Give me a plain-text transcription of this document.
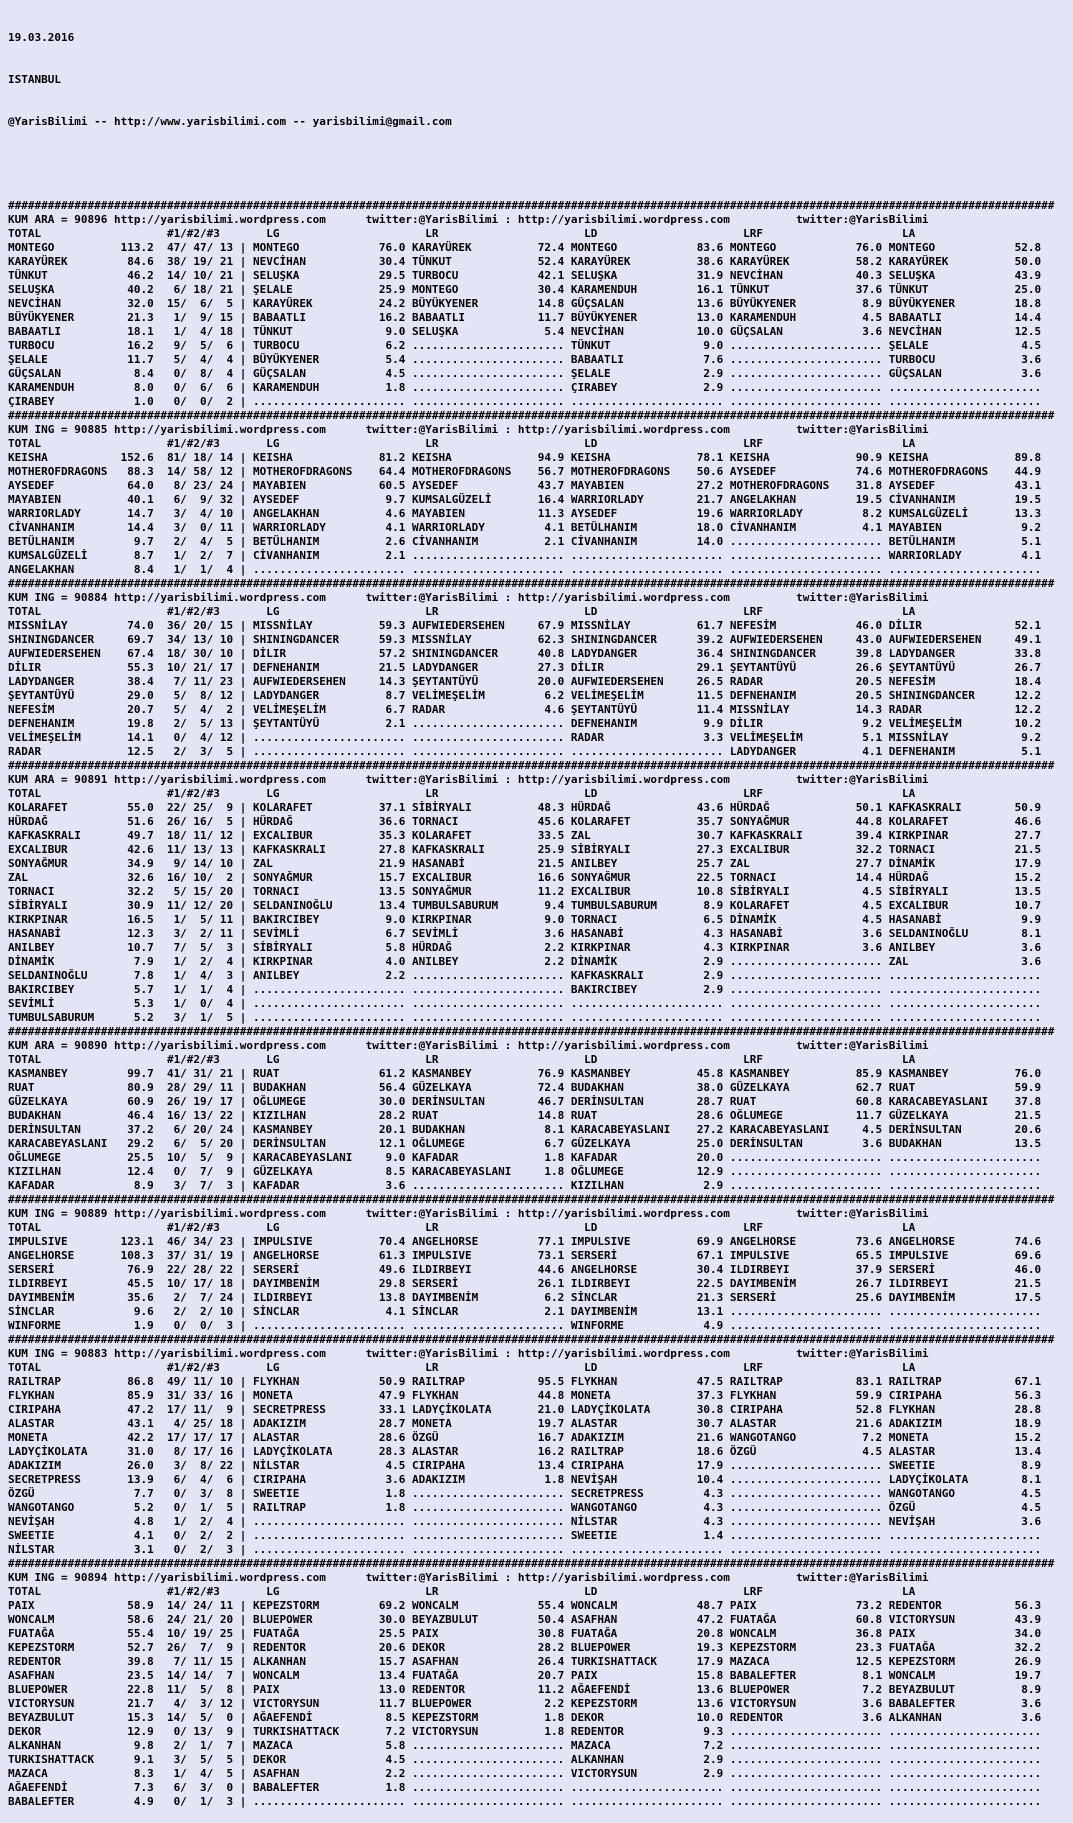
19.03.2016

ISTANBUL

@YarisBilimi -- http://www.yarisbilimi.com -- yarisbilimi@gmail.com

##############################################################################################################################################################
KUM ARA = 90896 http://yarisbilimi.wordpress.com      twitter:@YarisBilimi : http://yarisbilimi.wordpress.com          twitter:@YarisBilimi
TOTAL                   #1/#2/#3       LG                      LR                      LD                      LRF                     LA
MONTEGO          113.2  47/ 47/ 13 | MONTEGO            76.0 KARAYÜREK          72.4 MONTEGO            83.6 MONTEGO            76.0 MONTEGO            52.8
KARAYÜREK         84.6  38/ 19/ 21 | NEVCİHAN           30.4 TÜNKUT             52.4 KARAYÜREK          38.6 KARAYÜREK          58.2 KARAYÜREK          50.0
TÜNKUT            46.2  14/ 10/ 21 | SELUŞKA            29.5 TURBOCU            42.1 SELUŞKA            31.9 NEVCİHAN           40.3 SELUŞKA            43.9
SELUŞKA           40.2   6/ 18/ 21 | ŞELALE             25.9 MONTEGO            30.4 KARAMENDUH         16.1 TÜNKUT             37.6 TÜNKUT             25.0
NEVCİHAN          32.0  15/  6/  5 | KARAYÜREK          24.2 BÜYÜKYENER         14.8 GÜÇSALAN           13.6 BÜYÜKYENER          8.9 BÜYÜKYENER         18.8
BÜYÜKYENER        21.3   1/  9/ 15 | BABAATLI           16.2 BABAATLI           11.7 BÜYÜKYENER         13.0 KARAMENDUH          4.5 BABAATLI           14.4
BABAATLI          18.1   1/  4/ 18 | TÜNKUT              9.0 SELUŞKA             5.4 NEVCİHAN           10.0 GÜÇSALAN            3.6 NEVCİHAN           12.5
TURBOCU           16.2   9/  5/  6 | TURBOCU             6.2 ....................... TÜNKUT              9.0 ....................... ŞELALE              4.5
ŞELALE            11.7   5/  4/  4 | BÜYÜKYENER          5.4 ....................... BABAATLI            7.6 ....................... TURBOCU             3.6
GÜÇSALAN           8.4   0/  8/  4 | GÜÇSALAN            4.5 ....................... ŞELALE              2.9 ....................... GÜÇSALAN            3.6
KARAMENDUH         8.0   0/  6/  6 | KARAMENDUH          1.8 ....................... ÇIRABEY             2.9 ....................... .......................
ÇIRABEY            1.0   0/  0/  2 | ....................... ....................... ....................... ....................... .......................
##############################################################################################################################################################
KUM ING = 90885 http://yarisbilimi.wordpress.com      twitter:@YarisBilimi : http://yarisbilimi.wordpress.com          twitter:@YarisBilimi
TOTAL                   #1/#2/#3       LG                      LR                      LD                      LRF                     LA
KEISHA           152.6  81/ 18/ 14 | KEISHA             81.2 KEISHA             94.9 KEISHA             78.1 KEISHA             90.9 KEISHA             89.8
MOTHEROFDRAGONS   88.3  14/ 58/ 12 | MOTHEROFDRAGONS    64.4 MOTHEROFDRAGONS    56.7 MOTHEROFDRAGONS    50.6 AYSEDEF            74.6 MOTHEROFDRAGONS    44.9
AYSEDEF           64.0   8/ 23/ 24 | MAYABIEN           60.5 AYSEDEF            43.7 MAYABIEN           27.2 MOTHEROFDRAGONS    31.8 AYSEDEF            43.1
MAYABIEN          40.1   6/  9/ 32 | AYSEDEF             9.7 KUMSALGÜZELİ       16.4 WARRIORLADY        21.7 ANGELAKHAN         19.5 CİVANHANIM         19.5
WARRIORLADY       14.7   3/  4/ 10 | ANGELAKHAN          4.6 MAYABIEN           11.3 AYSEDEF            19.6 WARRIORLADY         8.2 KUMSALGÜZELİ       13.3
CİVANHANIM        14.4   3/  0/ 11 | WARRIORLADY         4.1 WARRIORLADY         4.1 BETÜLHANIM         18.0 CİVANHANIM          4.1 MAYABIEN            9.2
BETÜLHANIM         9.7   2/  4/  5 | BETÜLHANIM          2.6 CİVANHANIM          2.1 CİVANHANIM         14.0 ....................... BETÜLHANIM          5.1
KUMSALGÜZELİ       8.7   1/  2/  7 | CİVANHANIM          2.1 ....................... ....................... ....................... WARRIORLADY         4.1
ANGELAKHAN         8.4   1/  1/  4 | ....................... ....................... ....................... ....................... .......................
##############################################################################################################################################################
KUM ING = 90884 http://yarisbilimi.wordpress.com      twitter:@YarisBilimi : http://yarisbilimi.wordpress.com          twitter:@YarisBilimi
TOTAL                   #1/#2/#3       LG                      LR                      LD                      LRF                     LA
MISSNİLAY         74.0  36/ 20/ 15 | MISSNİLAY          59.3 AUFWIEDERSEHEN     67.9 MISSNİLAY          61.7 NEFESİM            46.0 DİLIR              52.1
SHININGDANCER     69.7  34/ 13/ 10 | SHININGDANCER      59.3 MISSNİLAY          62.3 SHININGDANCER      39.2 AUFWIEDERSEHEN     43.0 AUFWIEDERSEHEN     49.1
AUFWIEDERSEHEN    67.4  18/ 30/ 10 | DİLIR              57.2 SHININGDANCER      40.8 LADYDANGER         36.4 SHININGDANCER      39.8 LADYDANGER         33.8
DİLIR             55.3  10/ 21/ 17 | DEFNEHANIM         21.5 LADYDANGER         27.3 DİLIR              29.1 ŞEYTANTÜYÜ         26.6 ŞEYTANTÜYÜ         26.7
LADYDANGER        38.4   7/ 11/ 23 | AUFWIEDERSEHEN     14.3 ŞEYTANTÜYÜ         20.0 AUFWIEDERSEHEN     26.5 RADAR              20.5 NEFESİM            18.4
ŞEYTANTÜYÜ        29.0   5/  8/ 12 | LADYDANGER          8.7 VELİMEŞELİM         6.2 VELİMEŞELİM        11.5 DEFNEHANIM         20.5 SHININGDANCER      12.2
NEFESİM           20.7   5/  4/  2 | VELİMEŞELİM         6.7 RADAR               4.6 ŞEYTANTÜYÜ         11.4 MISSNİLAY          14.3 RADAR              12.2
DEFNEHANIM        19.8   2/  5/ 13 | ŞEYTANTÜYÜ          2.1 ....................... DEFNEHANIM          9.9 DİLIR               9.2 VELİMEŞELİM        10.2
VELİMEŞELİM       14.1   0/  4/ 12 | ....................... ....................... RADAR               3.3 VELİMEŞELİM         5.1 MISSNİLAY           9.2
RADAR             12.5   2/  3/  5 | ....................... ....................... ....................... LADYDANGER          4.1 DEFNEHANIM          5.1
##############################################################################################################################################################
KUM ARA = 90891 http://yarisbilimi.wordpress.com      twitter:@YarisBilimi : http://yarisbilimi.wordpress.com          twitter:@YarisBilimi
TOTAL                   #1/#2/#3       LG                      LR                      LD                      LRF                     LA
KOLARAFET         55.0  22/ 25/  9 | KOLARAFET          37.1 SİBİRYALI          48.3 HÜRDAĞ             43.6 HÜRDAĞ             50.1 KAFKASKRALI        50.9
HÜRDAĞ            51.6  26/ 16/  5 | HÜRDAĞ             36.6 TORNACI            45.6 KOLARAFET          35.7 SONYAĞMUR          44.8 KOLARAFET          46.6
KAFKASKRALI       49.7  18/ 11/ 12 | EXCALIBUR          35.3 KOLARAFET          33.5 ZAL                30.7 KAFKASKRALI        39.4 KIRKPINAR          27.7
EXCALIBUR         42.6  11/ 13/ 13 | KAFKASKRALI        27.8 KAFKASKRALI        25.9 SİBİRYALI          27.3 EXCALIBUR          32.2 TORNACI            21.5
SONYAĞMUR         34.9   9/ 14/ 10 | ZAL                21.9 HASANABİ           21.5 ANILBEY            25.7 ZAL                27.7 DİNAMİK            17.9
ZAL               32.6  16/ 10/  2 | SONYAĞMUR          15.7 EXCALIBUR          16.6 SONYAĞMUR          22.5 TORNACI            14.4 HÜRDAĞ             15.2
TORNACI           32.2   5/ 15/ 20 | TORNACI            13.5 SONYAĞMUR          11.2 EXCALIBUR          10.8 SİBİRYALI           4.5 SİBİRYALI          13.5
SİBİRYALI         30.9  11/ 12/ 20 | SELDANINOĞLU       13.4 TUMBULSABURUM       9.4 TUMBULSABURUM       8.9 KOLARAFET           4.5 EXCALIBUR          10.7
KIRKPINAR         16.5   1/  5/ 11 | BAKIRCIBEY          9.0 KIRKPINAR           9.0 TORNACI             6.5 DİNAMİK             4.5 HASANABİ            9.9
HASANABİ          12.3   3/  2/ 11 | SEVİMLİ             6.7 SEVİMLİ             3.6 HASANABİ            4.3 HASANABİ            3.6 SELDANINOĞLU        8.1
ANILBEY           10.7   7/  5/  3 | SİBİRYALI           5.8 HÜRDAĞ              2.2 KIRKPINAR           4.3 KIRKPINAR           3.6 ANILBEY             3.6
DİNAMİK            7.9   1/  2/  4 | KIRKPINAR           4.0 ANILBEY             2.2 DİNAMİK             2.9 ....................... ZAL                 3.6
SELDANINOĞLU       7.8   1/  4/  3 | ANILBEY             2.2 ....................... KAFKASKRALI         2.9 ....................... .......................
BAKIRCIBEY         5.7   1/  1/  4 | ....................... ....................... BAKIRCIBEY          2.9 ....................... .......................
SEVİMLİ            5.3   1/  0/  4 | ....................... ....................... ....................... ....................... .......................
TUMBULSABURUM      5.2   3/  1/  5 | ....................... ....................... ....................... ....................... .......................
##############################################################################################################################################################
KUM ARA = 90890 http://yarisbilimi.wordpress.com      twitter:@YarisBilimi : http://yarisbilimi.wordpress.com          twitter:@YarisBilimi
TOTAL                   #1/#2/#3       LG                      LR                      LD                      LRF                     LA
KASMANBEY         99.7  41/ 31/ 21 | RUAT               61.2 KASMANBEY          76.9 KASMANBEY          45.8 KASMANBEY          85.9 KASMANBEY          76.0
RUAT              80.9  28/ 29/ 11 | BUDAKHAN           56.4 GÜZELKAYA          72.4 BUDAKHAN           38.0 GÜZELKAYA          62.7 RUAT               59.9
GÜZELKAYA         60.9  26/ 19/ 17 | OĞLUMEGE           30.0 DERİNSULTAN        46.7 DERİNSULTAN        28.7 RUAT               60.8 KARACABEYASLANI    37.8
BUDAKHAN          46.4  16/ 13/ 22 | KIZILHAN           28.2 RUAT               14.8 RUAT               28.6 OĞLUMEGE           11.7 GÜZELKAYA          21.5
DERİNSULTAN       37.2   6/ 20/ 24 | KASMANBEY          20.1 BUDAKHAN            8.1 KARACABEYASLANI    27.2 KARACABEYASLANI     4.5 DERİNSULTAN        20.6
KARACABEYASLANI   29.2   6/  5/ 20 | DERİNSULTAN        12.1 OĞLUMEGE            6.7 GÜZELKAYA          25.0 DERİNSULTAN         3.6 BUDAKHAN           13.5
OĞLUMEGE          25.5  10/  5/  9 | KARACABEYASLANI     9.0 KAFADAR             1.8 KAFADAR            20.0 ....................... .......................
KIZILHAN          12.4   0/  7/  9 | GÜZELKAYA           8.5 KARACABEYASLANI     1.8 OĞLUMEGE           12.9 ....................... .......................
KAFADAR            8.9   3/  7/  3 | KAFADAR             3.6 ....................... KIZILHAN            2.9 ....................... .......................
##############################################################################################################################################################
KUM ING = 90889 http://yarisbilimi.wordpress.com      twitter:@YarisBilimi : http://yarisbilimi.wordpress.com          twitter:@YarisBilimi
TOTAL                   #1/#2/#3       LG                      LR                      LD                      LRF                     LA
IMPULSIVE        123.1  46/ 34/ 23 | IMPULSIVE          70.4 ANGELHORSE         77.1 IMPULSIVE          69.9 ANGELHORSE         73.6 ANGELHORSE         74.6
ANGELHORSE       108.3  37/ 31/ 19 | ANGELHORSE         61.3 IMPULSIVE          73.1 SERSERİ            67.1 IMPULSIVE          65.5 IMPULSIVE          69.6
SERSERİ           76.9  22/ 28/ 22 | SERSERİ            49.6 ILDIRBEYI          44.6 ANGELHORSE         30.4 ILDIRBEYI          37.9 SERSERİ            46.0
ILDIRBEYI         45.5  10/ 17/ 18 | DAYIMBENİM         29.8 SERSERİ            26.1 ILDIRBEYI          22.5 DAYIMBENİM         26.7 ILDIRBEYI          21.5
DAYIMBENİM        35.6   2/  7/ 24 | ILDIRBEYI          13.8 DAYIMBENİM          6.2 SİNCLAR            21.3 SERSERİ            25.6 DAYIMBENİM         17.5
SİNCLAR            9.6   2/  2/ 10 | SİNCLAR             4.1 SİNCLAR             2.1 DAYIMBENİM         13.1 ....................... .......................
WINFORME           1.9   0/  0/  3 | ....................... ....................... WINFORME            4.9 ....................... .......................
##############################################################################################################################################################
KUM ING = 90883 http://yarisbilimi.wordpress.com      twitter:@YarisBilimi : http://yarisbilimi.wordpress.com          twitter:@YarisBilimi
TOTAL                   #1/#2/#3       LG                      LR                      LD                      LRF                     LA
RAILTRAP          86.8  49/ 11/ 10 | FLYKHAN            50.9 RAILTRAP           95.5 FLYKHAN            47.5 RAILTRAP           83.1 RAILTRAP           67.1
FLYKHAN           85.9  31/ 33/ 16 | MONETA             47.9 FLYKHAN            44.8 MONETA             37.3 FLYKHAN            59.9 CIRIPAHA           56.3
CIRIPAHA          47.2  17/ 11/  9 | SECRETPRESS        33.1 LADYÇİKOLATA       21.0 LADYÇİKOLATA       30.8 CIRIPAHA           52.8 FLYKHAN            28.8
ALASTAR           43.1   4/ 25/ 18 | ADAKIZIM           28.7 MONETA             19.7 ALASTAR            30.7 ALASTAR            21.6 ADAKIZIM           18.9
MONETA            42.2  17/ 17/ 17 | ALASTAR            28.6 ÖZGÜ               16.7 ADAKIZIM           21.6 WANGOTANGO          7.2 MONETA             15.2
LADYÇİKOLATA      31.0   8/ 17/ 16 | LADYÇİKOLATA       28.3 ALASTAR            16.2 RAILTRAP           18.6 ÖZGÜ                4.5 ALASTAR            13.4
ADAKIZIM          26.0   3/  8/ 22 | NİLSTAR             4.5 CIRIPAHA           13.4 CIRIPAHA           17.9 ....................... SWEETIE             8.9
SECRETPRESS       13.9   6/  4/  6 | CIRIPAHA            3.6 ADAKIZIM            1.8 NEVİŞAH            10.4 ....................... LADYÇİKOLATA        8.1
ÖZGÜ               7.7   0/  3/  8 | SWEETIE             1.8 ....................... SECRETPRESS         4.3 ....................... WANGOTANGO          4.5
WANGOTANGO         5.2   0/  1/  5 | RAILTRAP            1.8 ....................... WANGOTANGO          4.3 ....................... ÖZGÜ                4.5
NEVİŞAH            4.8   1/  2/  4 | ....................... ....................... NİLSTAR             4.3 ....................... NEVİŞAH             3.6
SWEETIE            4.1   0/  2/  2 | ....................... ....................... SWEETIE             1.4 ....................... .......................
NİLSTAR            3.1   0/  2/  3 | ....................... ....................... ....................... ....................... .......................
##############################################################################################################################################################
KUM ING = 90894 http://yarisbilimi.wordpress.com      twitter:@YarisBilimi : http://yarisbilimi.wordpress.com          twitter:@YarisBilimi
TOTAL                   #1/#2/#3       LG                      LR                      LD                      LRF                     LA
PAIX              58.9  14/ 24/ 11 | KEPEZSTORM         69.2 WONCALM            55.4 WONCALM            48.7 PAIX               73.2 REDENTOR           56.3
WONCALM           58.6  24/ 21/ 20 | BLUEPOWER          30.0 BEYAZBULUT         50.4 ASAFHAN            47.2 FUATAĞA            60.8 VICTORYSUN         43.9
FUATAĞA           55.4  10/ 19/ 25 | FUATAĞA            25.5 PAIX               30.8 FUATAĞA            20.8 WONCALM            36.8 PAIX               34.0
KEPEZSTORM        52.7  26/  7/  9 | REDENTOR           20.6 DEKOR              28.2 BLUEPOWER          19.3 KEPEZSTORM         23.3 FUATAĞA            32.2
REDENTOR          39.8   7/ 11/ 15 | ALKANHAN           15.7 ASAFHAN            26.4 TURKISHATTACK      17.9 MAZACA             12.5 KEPEZSTORM         26.9
ASAFHAN           23.5  14/ 14/  7 | WONCALM            13.4 FUATAĞA            20.7 PAIX               15.8 BABALEFTER          8.1 WONCALM            19.7
BLUEPOWER         22.8  11/  5/  8 | PAIX               13.0 REDENTOR           11.2 AĞAEFENDİ          13.6 BLUEPOWER           7.2 BEYAZBULUT          8.9
VICTORYSUN        21.7   4/  3/ 12 | VICTORYSUN         11.7 BLUEPOWER           2.2 KEPEZSTORM         13.6 VICTORYSUN          3.6 BABALEFTER          3.6
BEYAZBULUT        15.3  14/  5/  0 | AĞAEFENDİ           8.5 KEPEZSTORM          1.8 DEKOR              10.0 REDENTOR            3.6 ALKANHAN            3.6
DEKOR             12.9   0/ 13/  9 | TURKISHATTACK       7.2 VICTORYSUN          1.8 REDENTOR            9.3 ....................... .......................
ALKANHAN           9.8   2/  1/  7 | MAZACA              5.8 ....................... MAZACA              7.2 ....................... .......................
TURKISHATTACK      9.1   3/  5/  5 | DEKOR               4.5 ....................... ALKANHAN            2.9 ....................... .......................
MAZACA             8.3   1/  4/  5 | ASAFHAN             2.2 ....................... VICTORYSUN          2.9 ....................... .......................
AĞAEFENDİ          7.3   6/  3/  0 | BABALEFTER          1.8 ....................... ....................... ....................... .......................
BABALEFTER         4.9   0/  1/  3 | ....................... ....................... ....................... ....................... .......................
